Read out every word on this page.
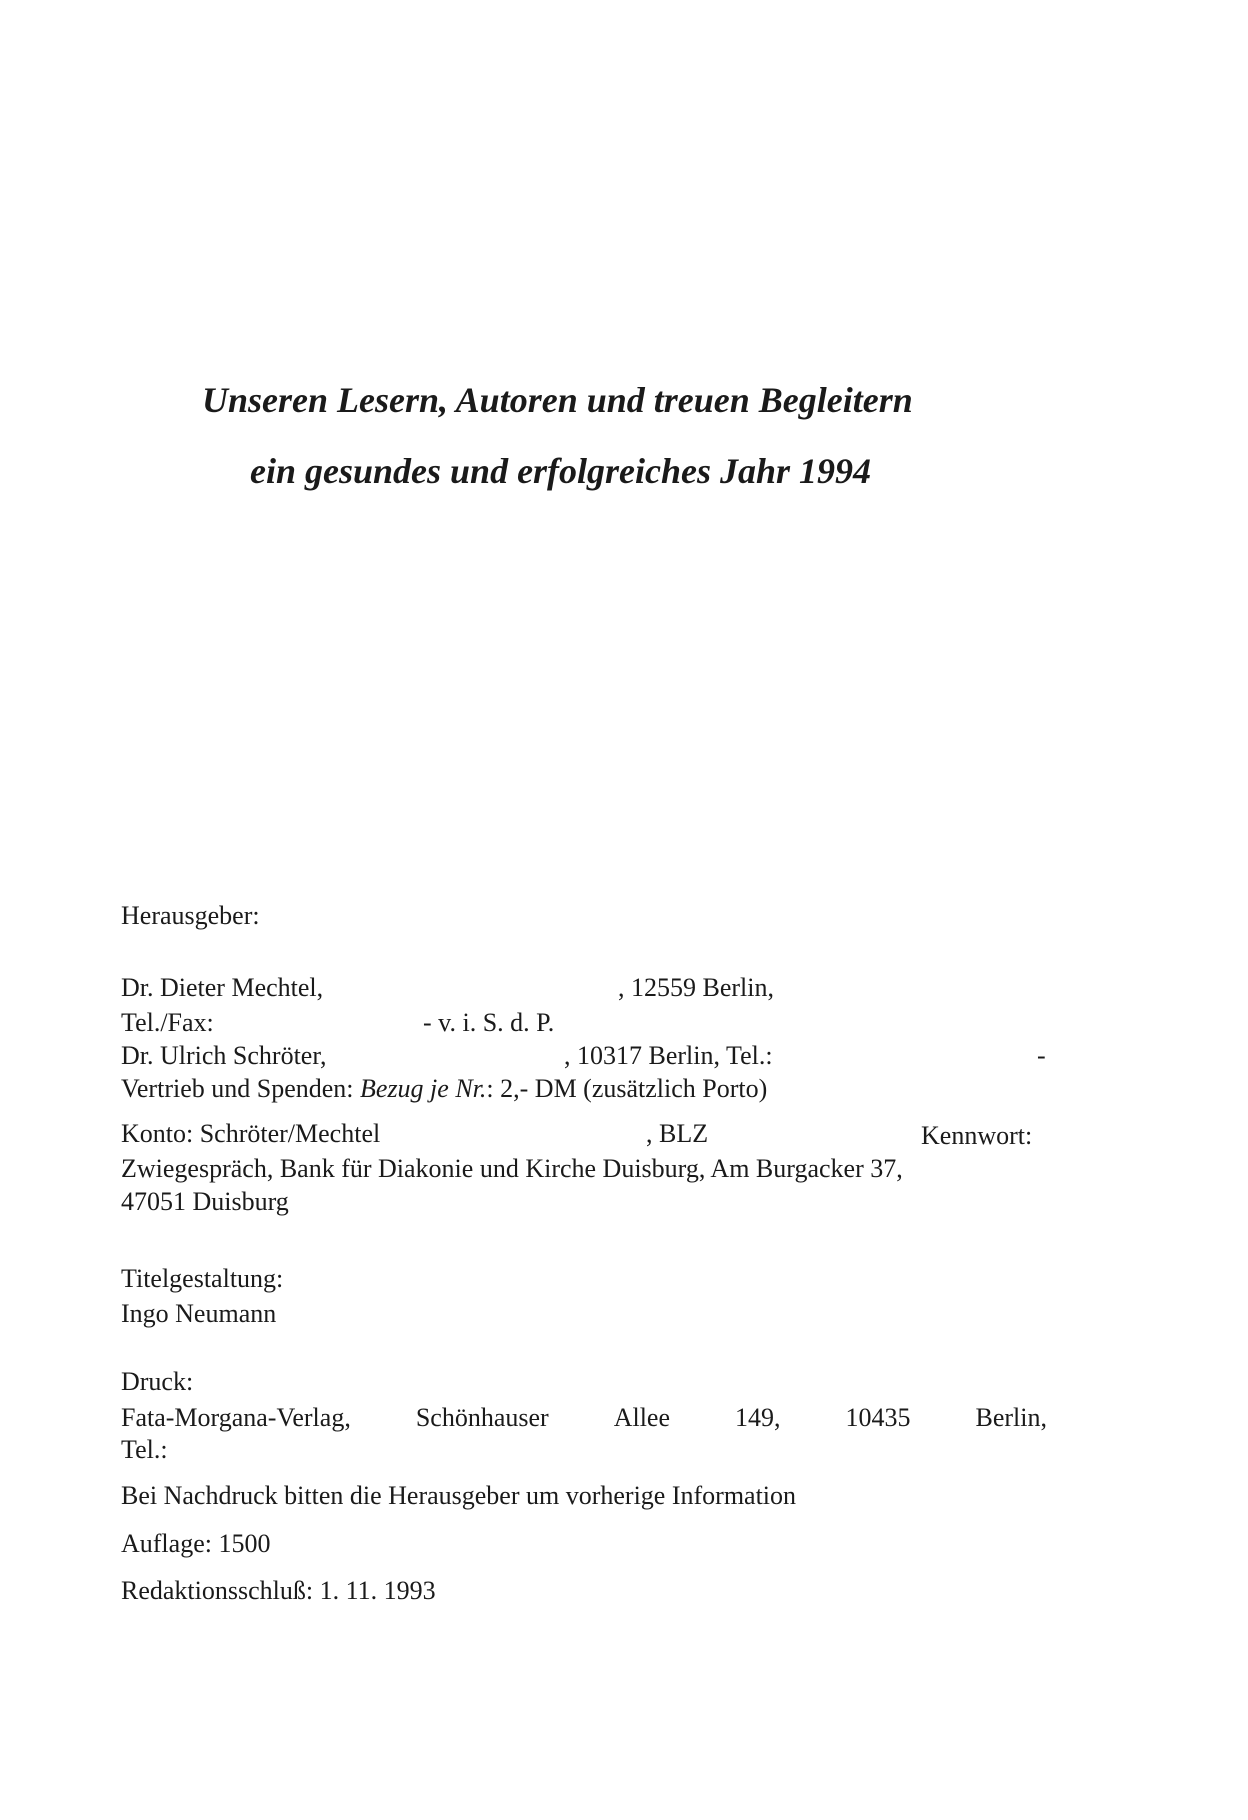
Unseren Lesern, Autoren und treuen Begleitern
ein gesundes und erfolgreiches Jahr 1994
Herausgeber:
Dr. Dieter Mechtel,	, 12559 Berlin,
Tel./Fax:	- v. i. S. d. P.
Dr. Ulrich Schröter,	, 10317 Berlin, Tel.:	-
Vertrieb und Spenden: Bezug je Nr.: 2,- DM (zusätzlich Porto)
Konto: Schröter/Mechtel	, BLZ	Kennwort:
Zwiegespräch, Bank für Diakonie und Kirche Duisburg, Am Burgacker 37,
47051 Duisburg
Titelgestaltung:
Ingo Neumann
Druck:
Fata-Morgana-Verlag,	Schönhauser	Allee	149,	10435	Berlin,
Tel.:
Bei Nachdruck bitten die Herausgeber um vorherige Information
Auflage: 1500
Redaktionsschluß: 1. 11. 1993
